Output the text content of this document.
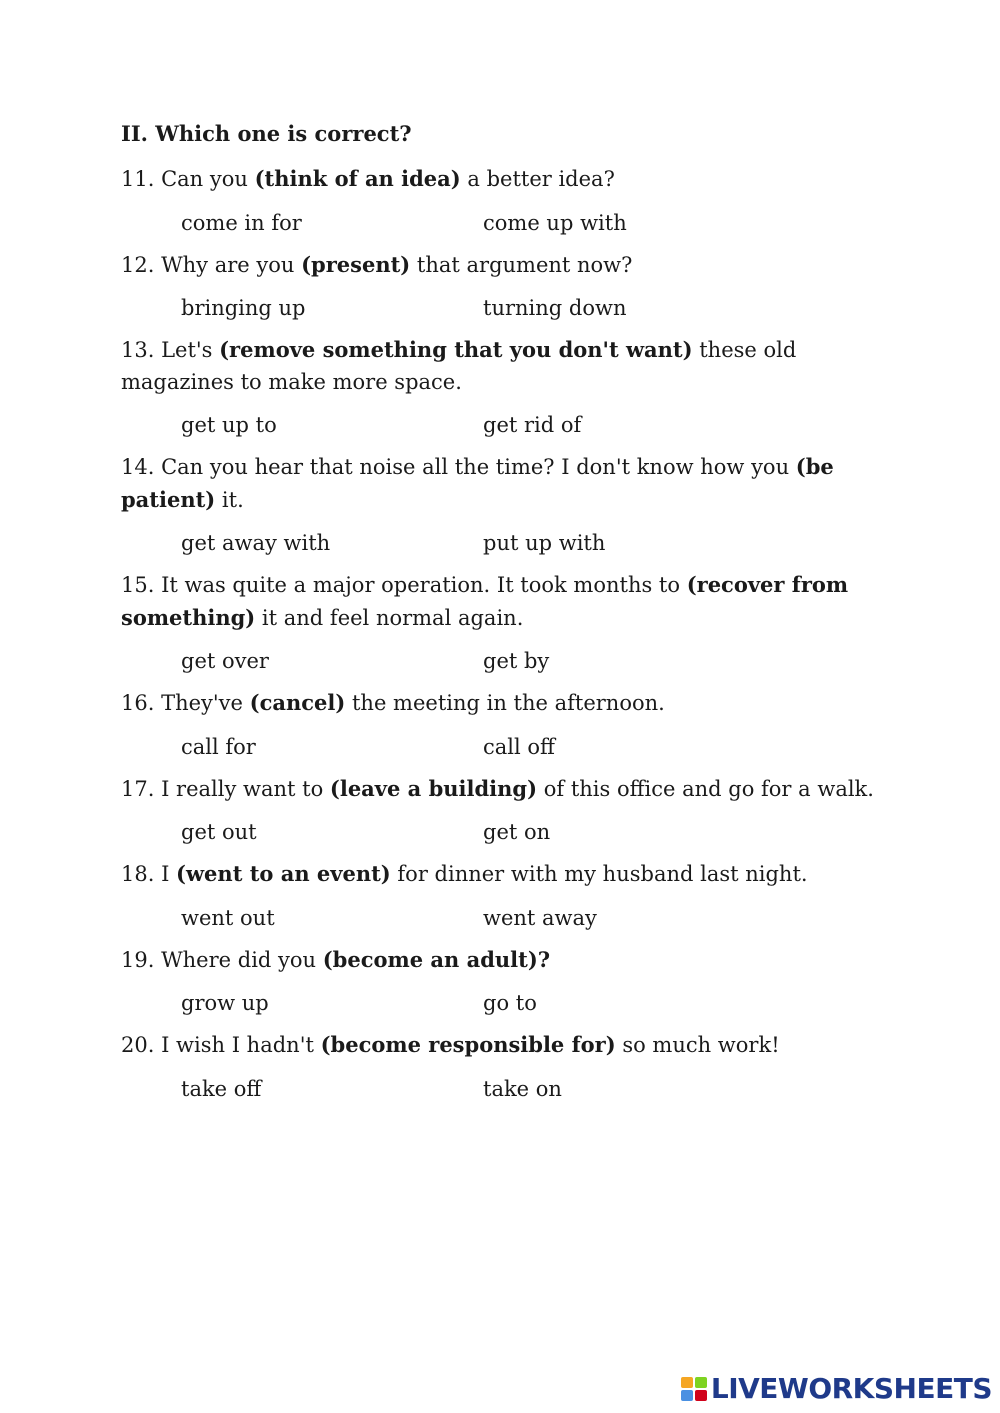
II. Which one is correct?
11. Can you (think of an idea) a better idea?
come in for	come up with
12. Why are you (present) that argument now?
bringing up	turning down
13. Let's (remove something that you don't want) these old magazines to make more space.
get up to	get rid of
14. Can you hear that noise all the time? I don't know how you (be patient) it.
get away with	put up with
15. It was quite a major operation. It took months to (recover from something) it and feel normal again.
get over	get by
16. They've (cancel) the meeting in the afternoon.
call for	call off
17. I really want to (leave a building) of this office and go for a walk.
get out	get on
18. I (went to an event) for dinner with my husband last night.
went out	went away
19. Where did you (become an adult)?
grow up	go to
20. I wish I hadn't (become responsible for) so much work!
take off	take on
LIVEWORKSHEETS
